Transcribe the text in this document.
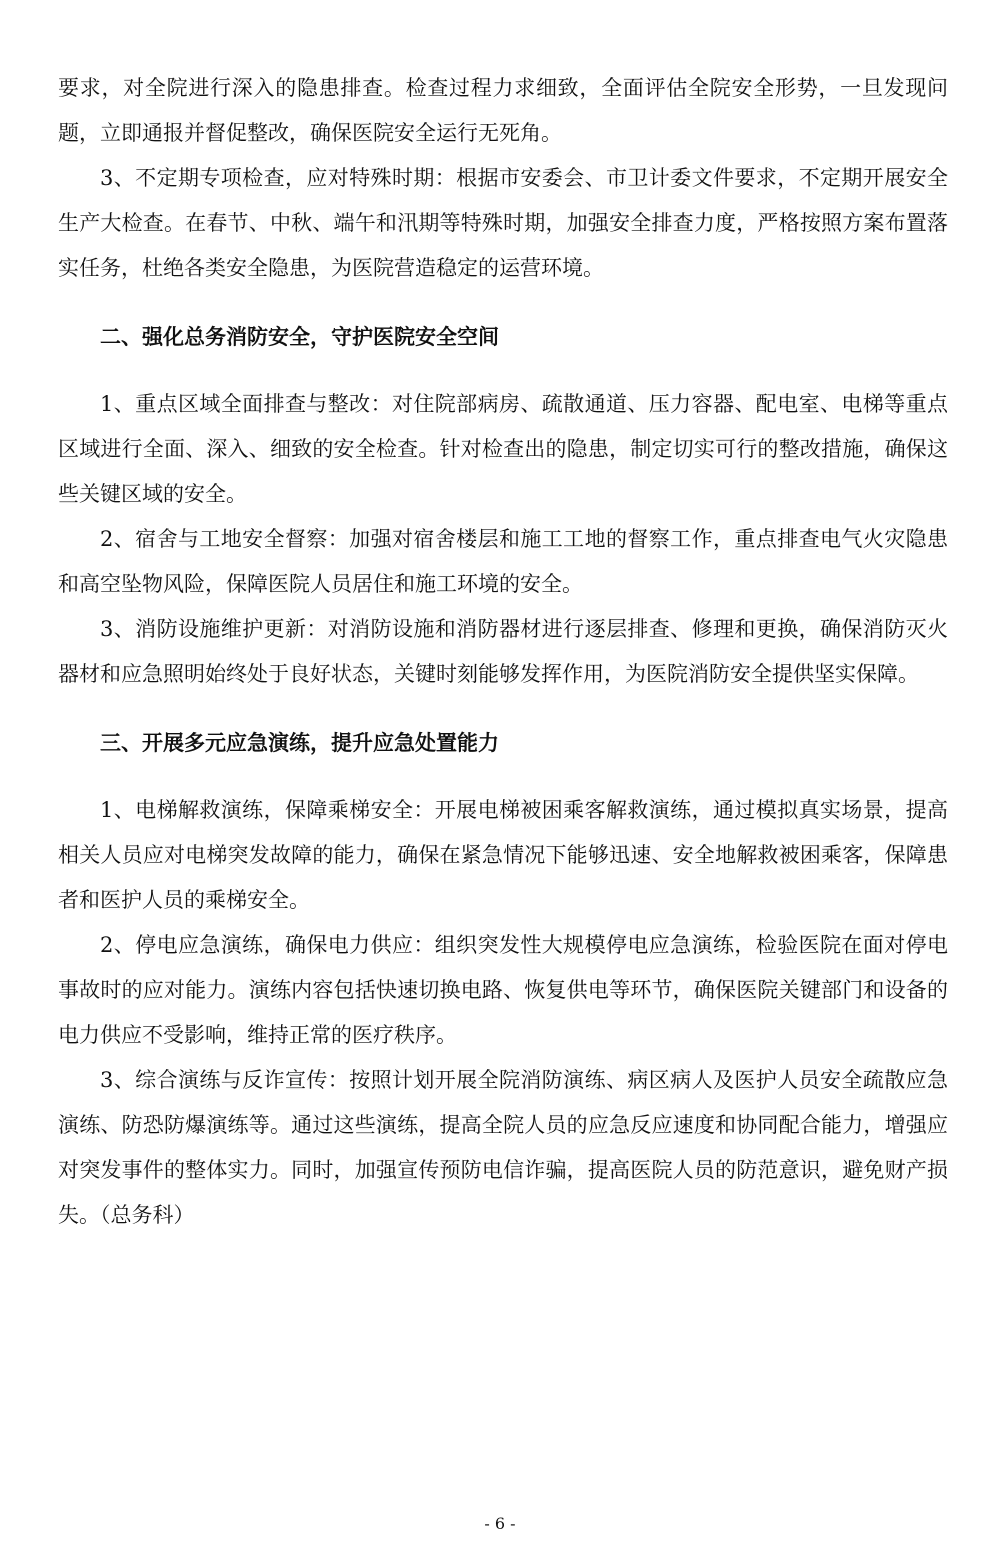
要求，对全院进行深入的隐患排查。检查过程力求细致，全面评估全院安全形势，一旦发现问题，立即通报并督促整改，确保医院安全运行无死角。

3、不定期专项检查，应对特殊时期：根据市安委会、市卫计委文件要求，不定期开展安全生产大检查。在春节、中秋、端午和汛期等特殊时期，加强安全排查力度，严格按照方案布置落实任务，杜绝各类安全隐患，为医院营造稳定的运营环境。

二、强化总务消防安全，守护医院安全空间

1、重点区域全面排查与整改：对住院部病房、疏散通道、压力容器、配电室、电梯等重点区域进行全面、深入、细致的安全检查。针对检查出的隐患，制定切实可行的整改措施，确保这些关键区域的安全。

2、宿舍与工地安全督察：加强对宿舍楼层和施工工地的督察工作，重点排查电气火灾隐患和高空坠物风险，保障医院人员居住和施工环境的安全。

3、消防设施维护更新：对消防设施和消防器材进行逐层排查、修理和更换，确保消防灭火器材和应急照明始终处于良好状态，关键时刻能够发挥作用，为医院消防安全提供坚实保障。

三、开展多元应急演练，提升应急处置能力

1、电梯解救演练，保障乘梯安全：开展电梯被困乘客解救演练，通过模拟真实场景，提高相关人员应对电梯突发故障的能力，确保在紧急情况下能够迅速、安全地解救被困乘客，保障患者和医护人员的乘梯安全。

2、停电应急演练，确保电力供应：组织突发性大规模停电应急演练，检验医院在面对停电事故时的应对能力。演练内容包括快速切换电路、恢复供电等环节，确保医院关键部门和设备的电力供应不受影响，维持正常的医疗秩序。

3、综合演练与反诈宣传：按照计划开展全院消防演练、病区病人及医护人员安全疏散应急演练、防恐防爆演练等。通过这些演练，提高全院人员的应急反应速度和协同配合能力，增强应对突发事件的整体实力。同时，加强宣传预防电信诈骗，提高医院人员的防范意识，避免财产损失。（总务科）

- 6 -
